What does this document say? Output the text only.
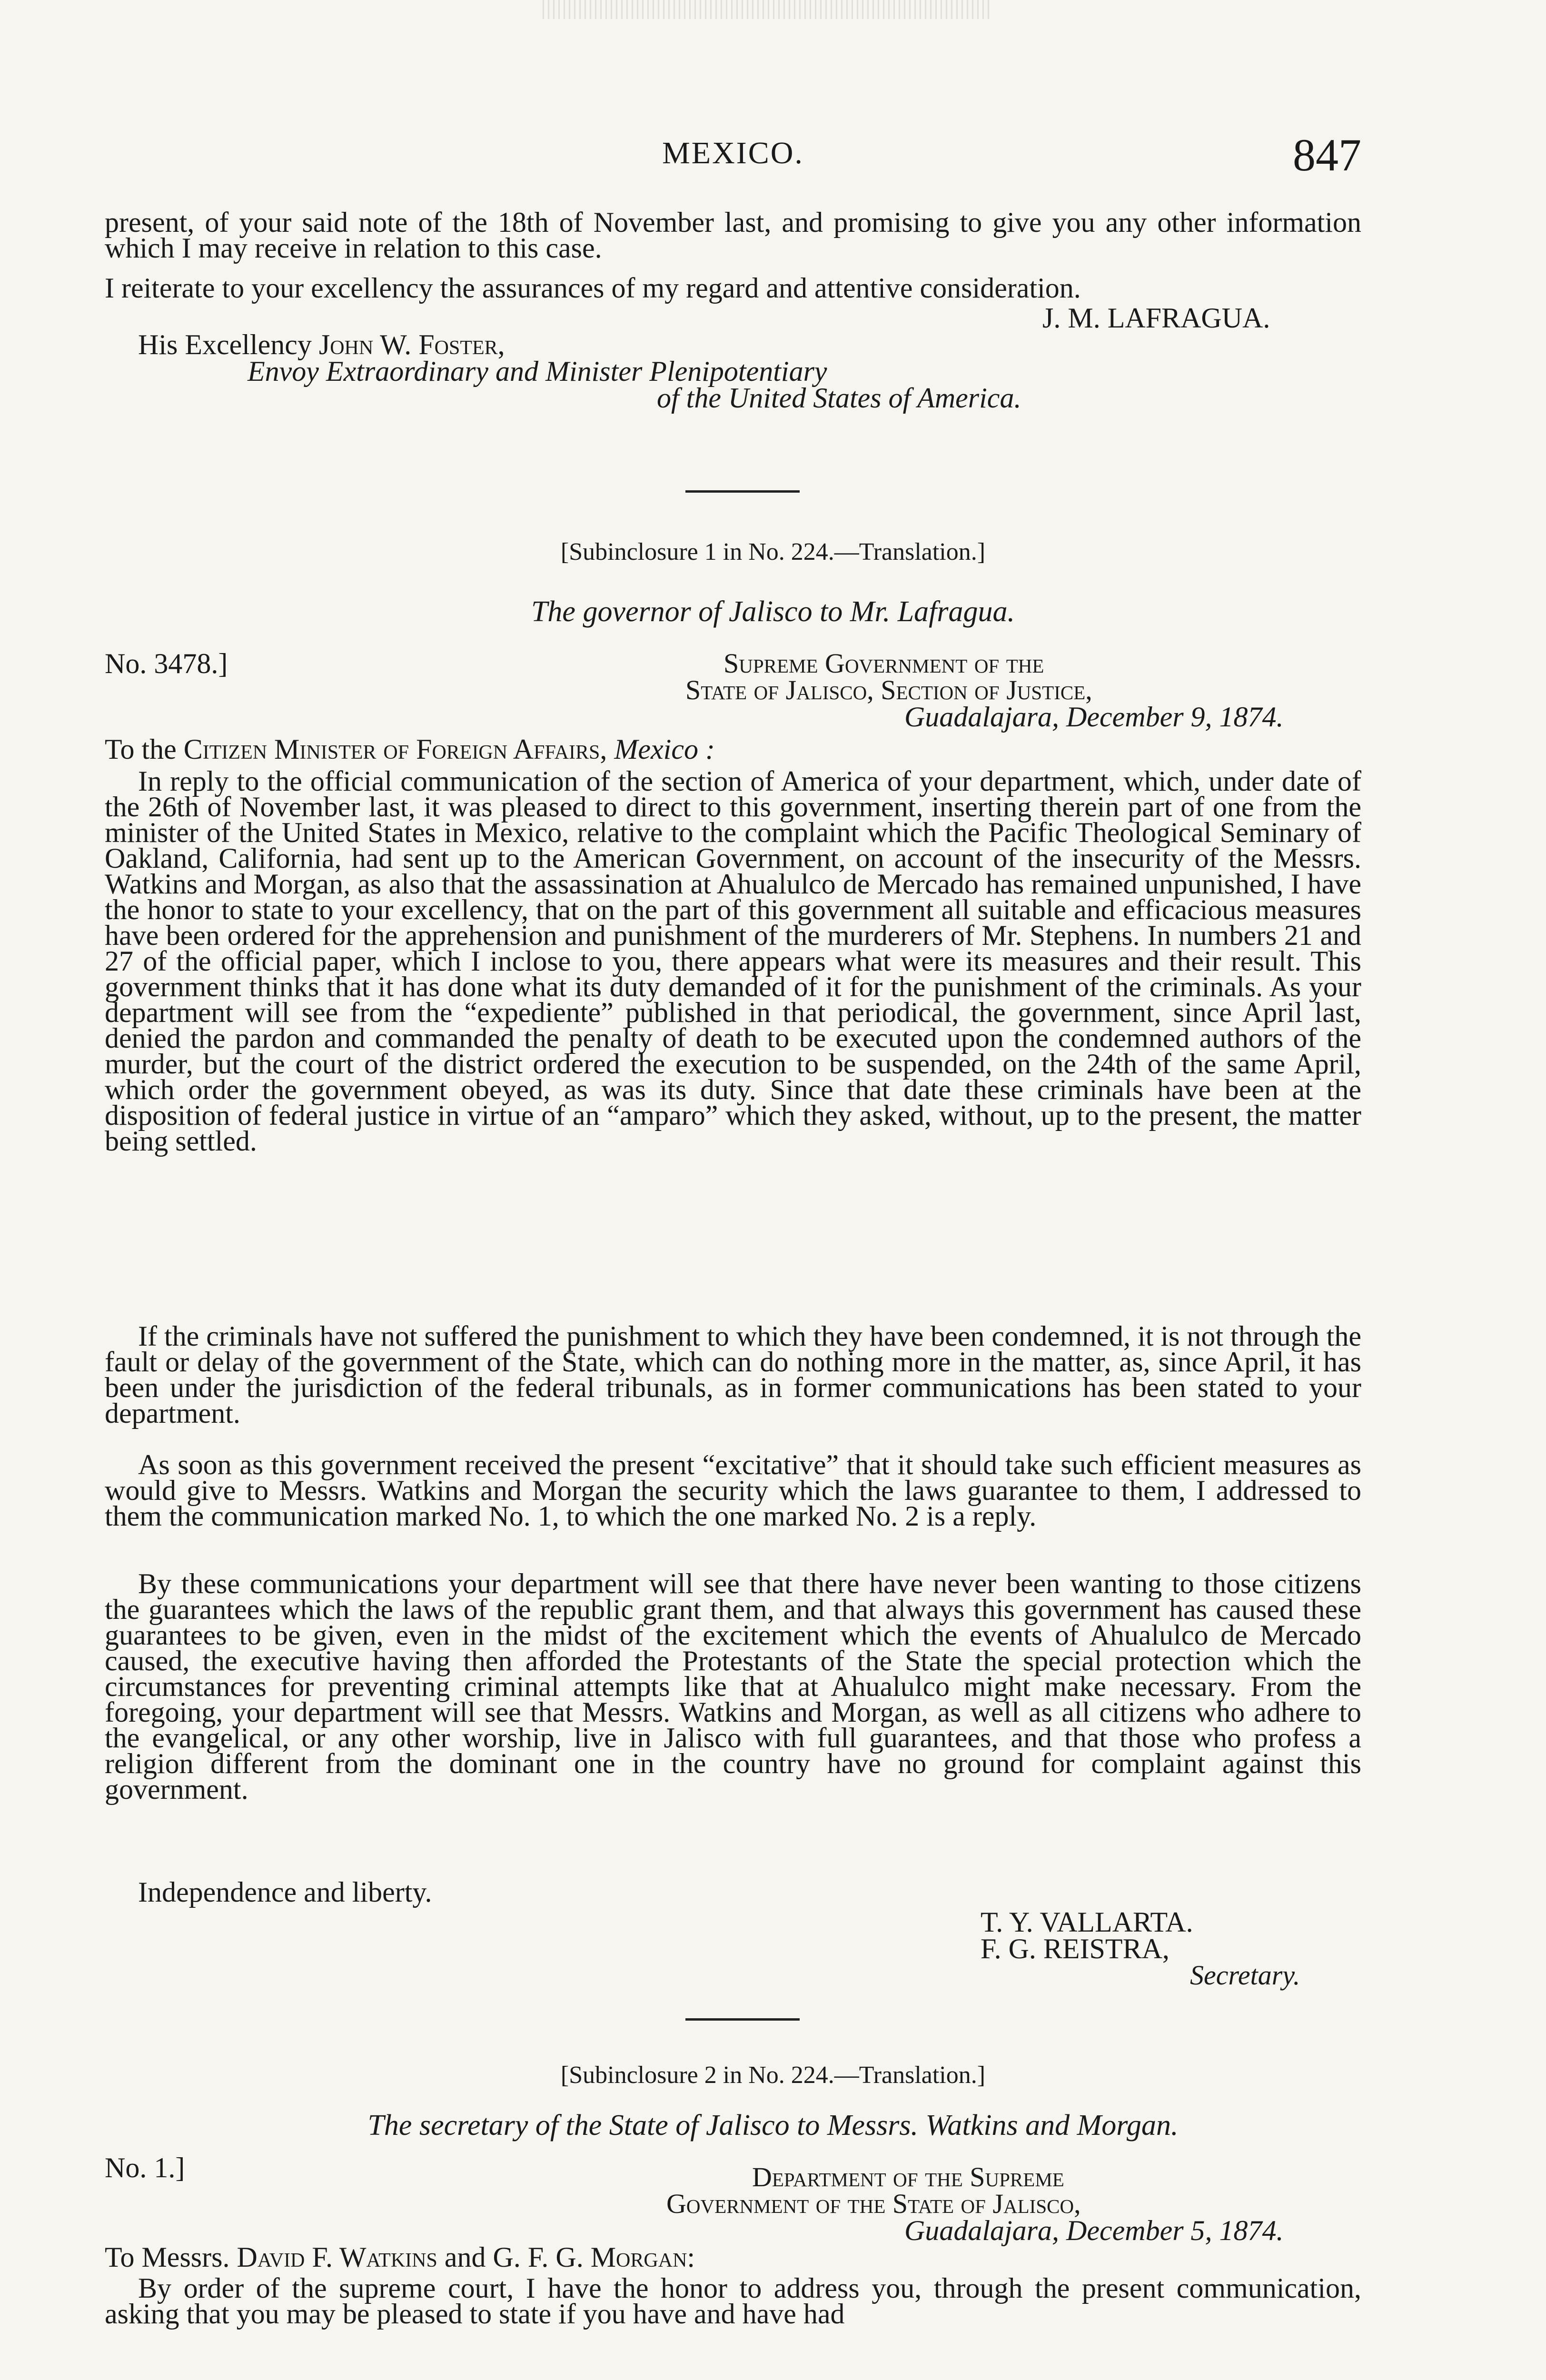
MEXICO.	847

present, of your said note of the 18th of November last, and promising to give you any other information which I may receive in relation to this case.

I reiterate to your excellency the assurances of my regard and attentive consideration.

J. M. LAFRAGUA.
His Excellency John W. Foster,
Envoy Extraordinary and Minister Plenipotentiary
of the United States of America.
[Subinclosure 1 in No. 224.—Translation.]
The governor of Jalisco to Mr. Lafragua.
No. 3478.]	Supreme Government of the
State of Jalisco, Section of Justice,
Guadalajara, December 9, 1874.
To the Citizen Minister of Foreign Affairs, Mexico :

In reply to the official communication of the section of America of your department, which, under date of the 26th of November last, it was pleased to direct to this government, inserting therein part of one from the minister of the United States in Mexico, relative to the complaint which the Pacific Theological Seminary of Oakland, California, had sent up to the American Government, on account of the insecurity of the Messrs. Watkins and Morgan, as also that the assassination at Ahualulco de Mercado has remained unpunished, I have the honor to state to your excellency, that on the part of this government all suitable and efficacious measures have been ordered for the apprehension and punishment of the murderers of Mr. Stephens. In numbers 21 and 27 of the official paper, which I inclose to you, there appears what were its measures and their result. This government thinks that it has done what its duty demanded of it for the punishment of the criminals. As your department will see from the “expediente” published in that periodical, the government, since April last, denied the pardon and commanded the penalty of death to be executed upon the condemned authors of the murder, but the court of the district ordered the execution to be suspended, on the 24th of the same April, which order the government obeyed, as was its duty. Since that date these criminals have been at the disposition of federal justice in virtue of an “amparo” which they asked, without, up to the present, the matter being settled.

If the criminals have not suffered the punishment to which they have been condemned, it is not through the fault or delay of the government of the State, which can do nothing more in the matter, as, since April, it has been under the jurisdiction of the federal tribunals, as in former communications has been stated to your department.

As soon as this government received the present “excitative” that it should take such efficient measures as would give to Messrs. Watkins and Morgan the security which the laws guarantee to them, I addressed to them the communication marked No. 1, to which the one marked No. 2 is a reply.

By these communications your department will see that there have never been wanting to those citizens the guarantees which the laws of the republic grant them, and that always this government has caused these guarantees to be given, even in the midst of the excitement which the events of Ahualulco de Mercado caused, the executive having then afforded the Protestants of the State the special protection which the circumstances for preventing criminal attempts like that at Ahualulco might make necessary. From the foregoing, your department will see that Messrs. Watkins and Morgan, as well as all citizens who adhere to the evangelical, or any other worship, live in Jalisco with full guarantees, and that those who profess a religion different from the dominant one in the country have no ground for complaint against this government.

Independence and liberty.

T. Y. VALLARTA.
F. G. REISTRA,
Secretary.
[Subinclosure 2 in No. 224.—Translation.]
The secretary of the State of Jalisco to Messrs. Watkins and Morgan.
No. 1.]	Department of the Supreme
Government of the State of Jalisco,
Guadalajara, December 5, 1874.
To Messrs. David F. Watkins and G. F. G. Morgan:

By order of the supreme court, I have the honor to address you, through the present communication, asking that you may be pleased to state if you have and have had
